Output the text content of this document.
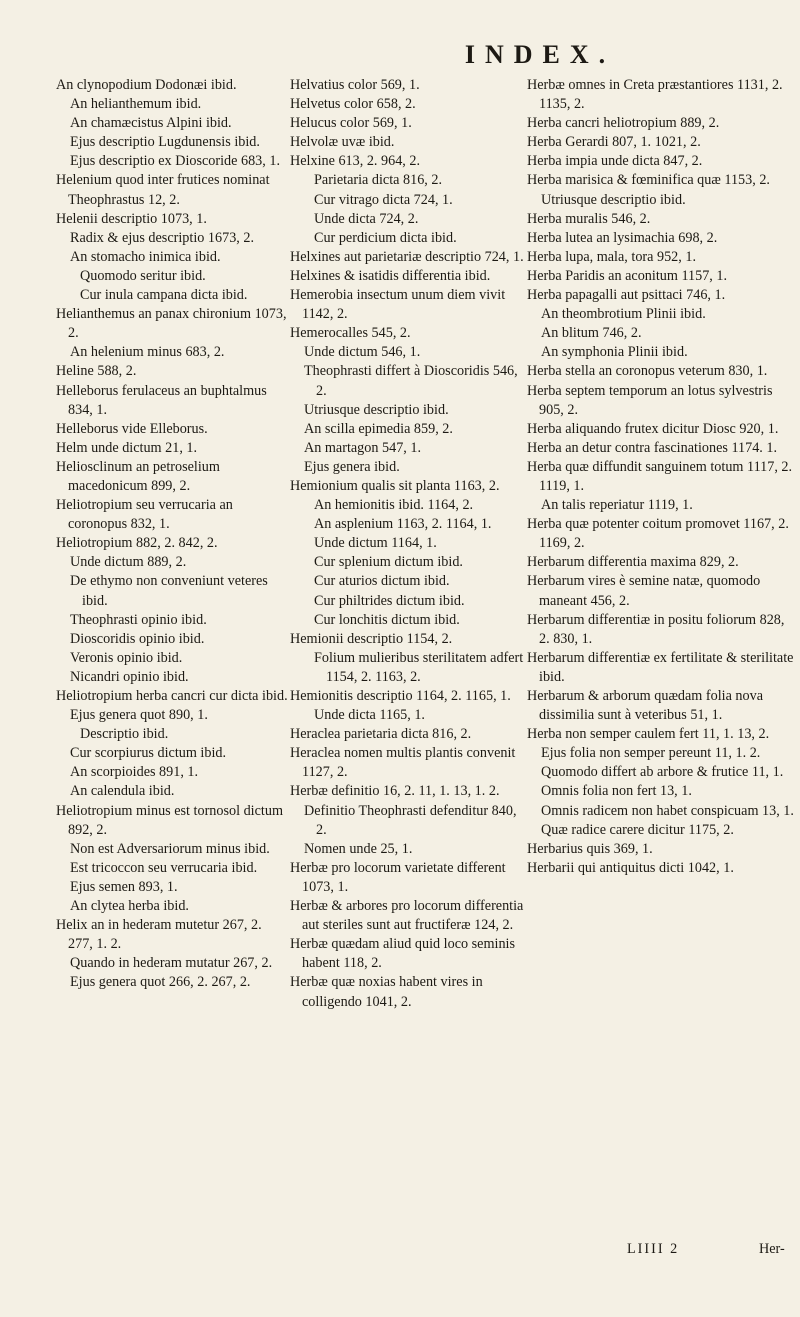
INDEX.

An clynopodium Dodonæi ibid.

An helianthemum ibid.

An chamæcistus Alpini ibid.

Ejus descriptio Lugdunensis ibid.

Ejus descriptio ex Dioscoride 683, 1.

Helenium quod inter frutices nominat Theophrastus 12, 2.

Helenii descriptio 1073, 1.

Radix & ejus descriptio 1673, 2.

An stomacho inimica ibid.

Quomodo seritur ibid.

Cur inula campana dicta ibid.

Helianthemus an panax chironium 1073, 2.

An helenium minus 683, 2.

Heline 588, 2.

Helleborus ferulaceus an buphtalmus 834, 1.

Helleborus vide Elleborus.

Helm unde dictum 21, 1.

Heliosclinum an petroselium macedonicum 899, 2.

Heliotropium seu verrucaria an coronopus 832, 1.

Heliotropium 882, 2. 842, 2.

Unde dictum 889, 2.

De ethymo non conveniunt veteres ibid.

Theophrasti opinio ibid.

Dioscoridis opinio ibid.

Veronis opinio ibid.

Nicandri opinio ibid.

Heliotropium herba cancri cur dicta ibid.

Ejus genera quot 890, 1.

Descriptio ibid.

Cur scorpiurus dictum ibid.

An scorpioides 891, 1.

An calendula ibid.

Heliotropium minus est tornosol dictum 892, 2.

Non est Adversariorum minus ibid.

Est tricoccon seu verrucaria ibid.

Ejus semen 893, 1.

An clytea herba ibid.

Helix an in hederam mutetur 267, 2. 277, 1. 2.

Quando in hederam mutatur 267, 2.

Ejus genera quot 266, 2. 267, 2.

Helvatius color 569, 1.

Helvetus color 658, 2.

Helucus color 569, 1.

Helvolæ uvæ ibid.

Helxine 613, 2. 964, 2.

Parietaria dicta 816, 2.

Cur vitrago dicta 724, 1.

Unde dicta 724, 2.

Cur perdicium dicta ibid.

Helxines aut parietariæ descriptio 724, 1.

Helxines & isatidis differentia ibid.

Hemerobia insectum unum diem vivit 1142, 2.

Hemerocalles 545, 2.

Unde dictum 546, 1.

Theophrasti differt à Dioscoridis 546, 2.

Utriusque descriptio ibid.

An scilla epimedia 859, 2.

An martagon 547, 1.

Ejus genera ibid.

Hemionium qualis sit planta 1163, 2.

An hemionitis ibid. 1164, 2.

An asplenium 1163, 2. 1164, 1.

Unde dictum 1164, 1.

Cur splenium dictum ibid.

Cur aturios dictum ibid.

Cur philtrides dictum ibid.

Cur lonchitis dictum ibid.

Hemionii descriptio 1154, 2.

Folium mulieribus sterilitatem adfert 1154, 2. 1163, 2.

Hemionitis descriptio 1164, 2. 1165, 1.

Unde dicta 1165, 1.

Heraclea parietaria dicta 816, 2.

Heraclea nomen multis plantis convenit 1127, 2.

Herbæ definitio 16, 2. 11, 1. 13, 1. 2.

Definitio Theophrasti defenditur 840, 2.

Nomen unde 25, 1.

Herbæ pro locorum varietate different 1073, 1.

Herbæ & arbores pro locorum differentia aut steriles sunt aut fructiferæ 124, 2.

Herbæ quædam aliud quid loco seminis habent 118, 2.

Herbæ quæ noxias habent vires in colligendo 1041, 2.

Herbæ omnes in Creta præstantiores 1131, 2. 1135, 2.

Herba cancri heliotropium 889, 2.

Herba Gerardi 807, 1. 1021, 2.

Herba impia unde dicta 847, 2.

Herba marisica & fœminifica quæ 1153, 2.

Utriusque descriptio ibid.

Herba muralis 546, 2.

Herba lutea an lysimachia 698, 2.

Herba lupa, mala, tora 952, 1.

Herba Paridis an aconitum 1157, 1.

Herba papagalli aut psittaci 746, 1.

An theombrotium Plinii ibid.

An blitum 746, 2.

An symphonia Plinii ibid.

Herba stella an coronopus veterum 830, 1.

Herba septem temporum an lotus sylvestris 905, 2.

Herba aliquando frutex dicitur Diosc 920, 1.

Herba an detur contra fascinationes 1174. 1.

Herba quæ diffundit sanguinem totum 1117, 2. 1119, 1.

An talis reperiatur 1119, 1.

Herba quæ potenter coitum promovet 1167, 2. 1169, 2.

Herbarum differentia maxima 829, 2.

Herbarum vires è semine natæ, quomodo maneant 456, 2.

Herbarum differentiæ in positu foliorum 828, 2. 830, 1.

Herbarum differentiæ ex fertilitate & sterilitate ibid.

Herbarum & arborum quædam folia nova dissimilia sunt à veteribus 51, 1.

Herba non semper caulem fert 11, 1. 13, 2.

Ejus folia non semper pereunt 11, 1. 2.

Quomodo differt ab arbore & frutice 11, 1.

Omnis folia non fert 13, 1.

Omnis radicem non habet conspicuam 13, 1.

Quæ radice carere dicitur 1175, 2.

Herbarius quis 369, 1.

Herbarii qui antiquitus dicti 1042, 1.

LIIII 2	Her-
